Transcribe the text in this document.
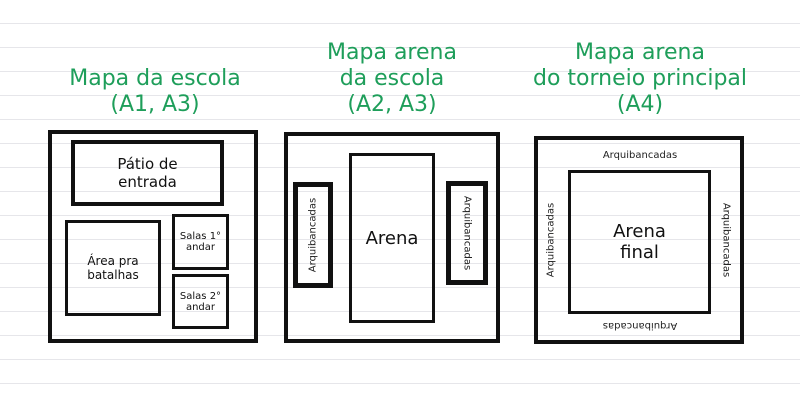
Mapa da escola
(A1, A3)
Pátio de
entrada
Área pra
batalhas
Salas 1°
andar
Salas 2°
andar
Mapa arena
da escola
(A2, A3)
Arena
Arquibancadas	Arquibancadas
Mapa arena
do torneio principal
(A4)
Arena
final
Arquibancadas
Arquibancadas
Arquibancadas	Arquibancadas
